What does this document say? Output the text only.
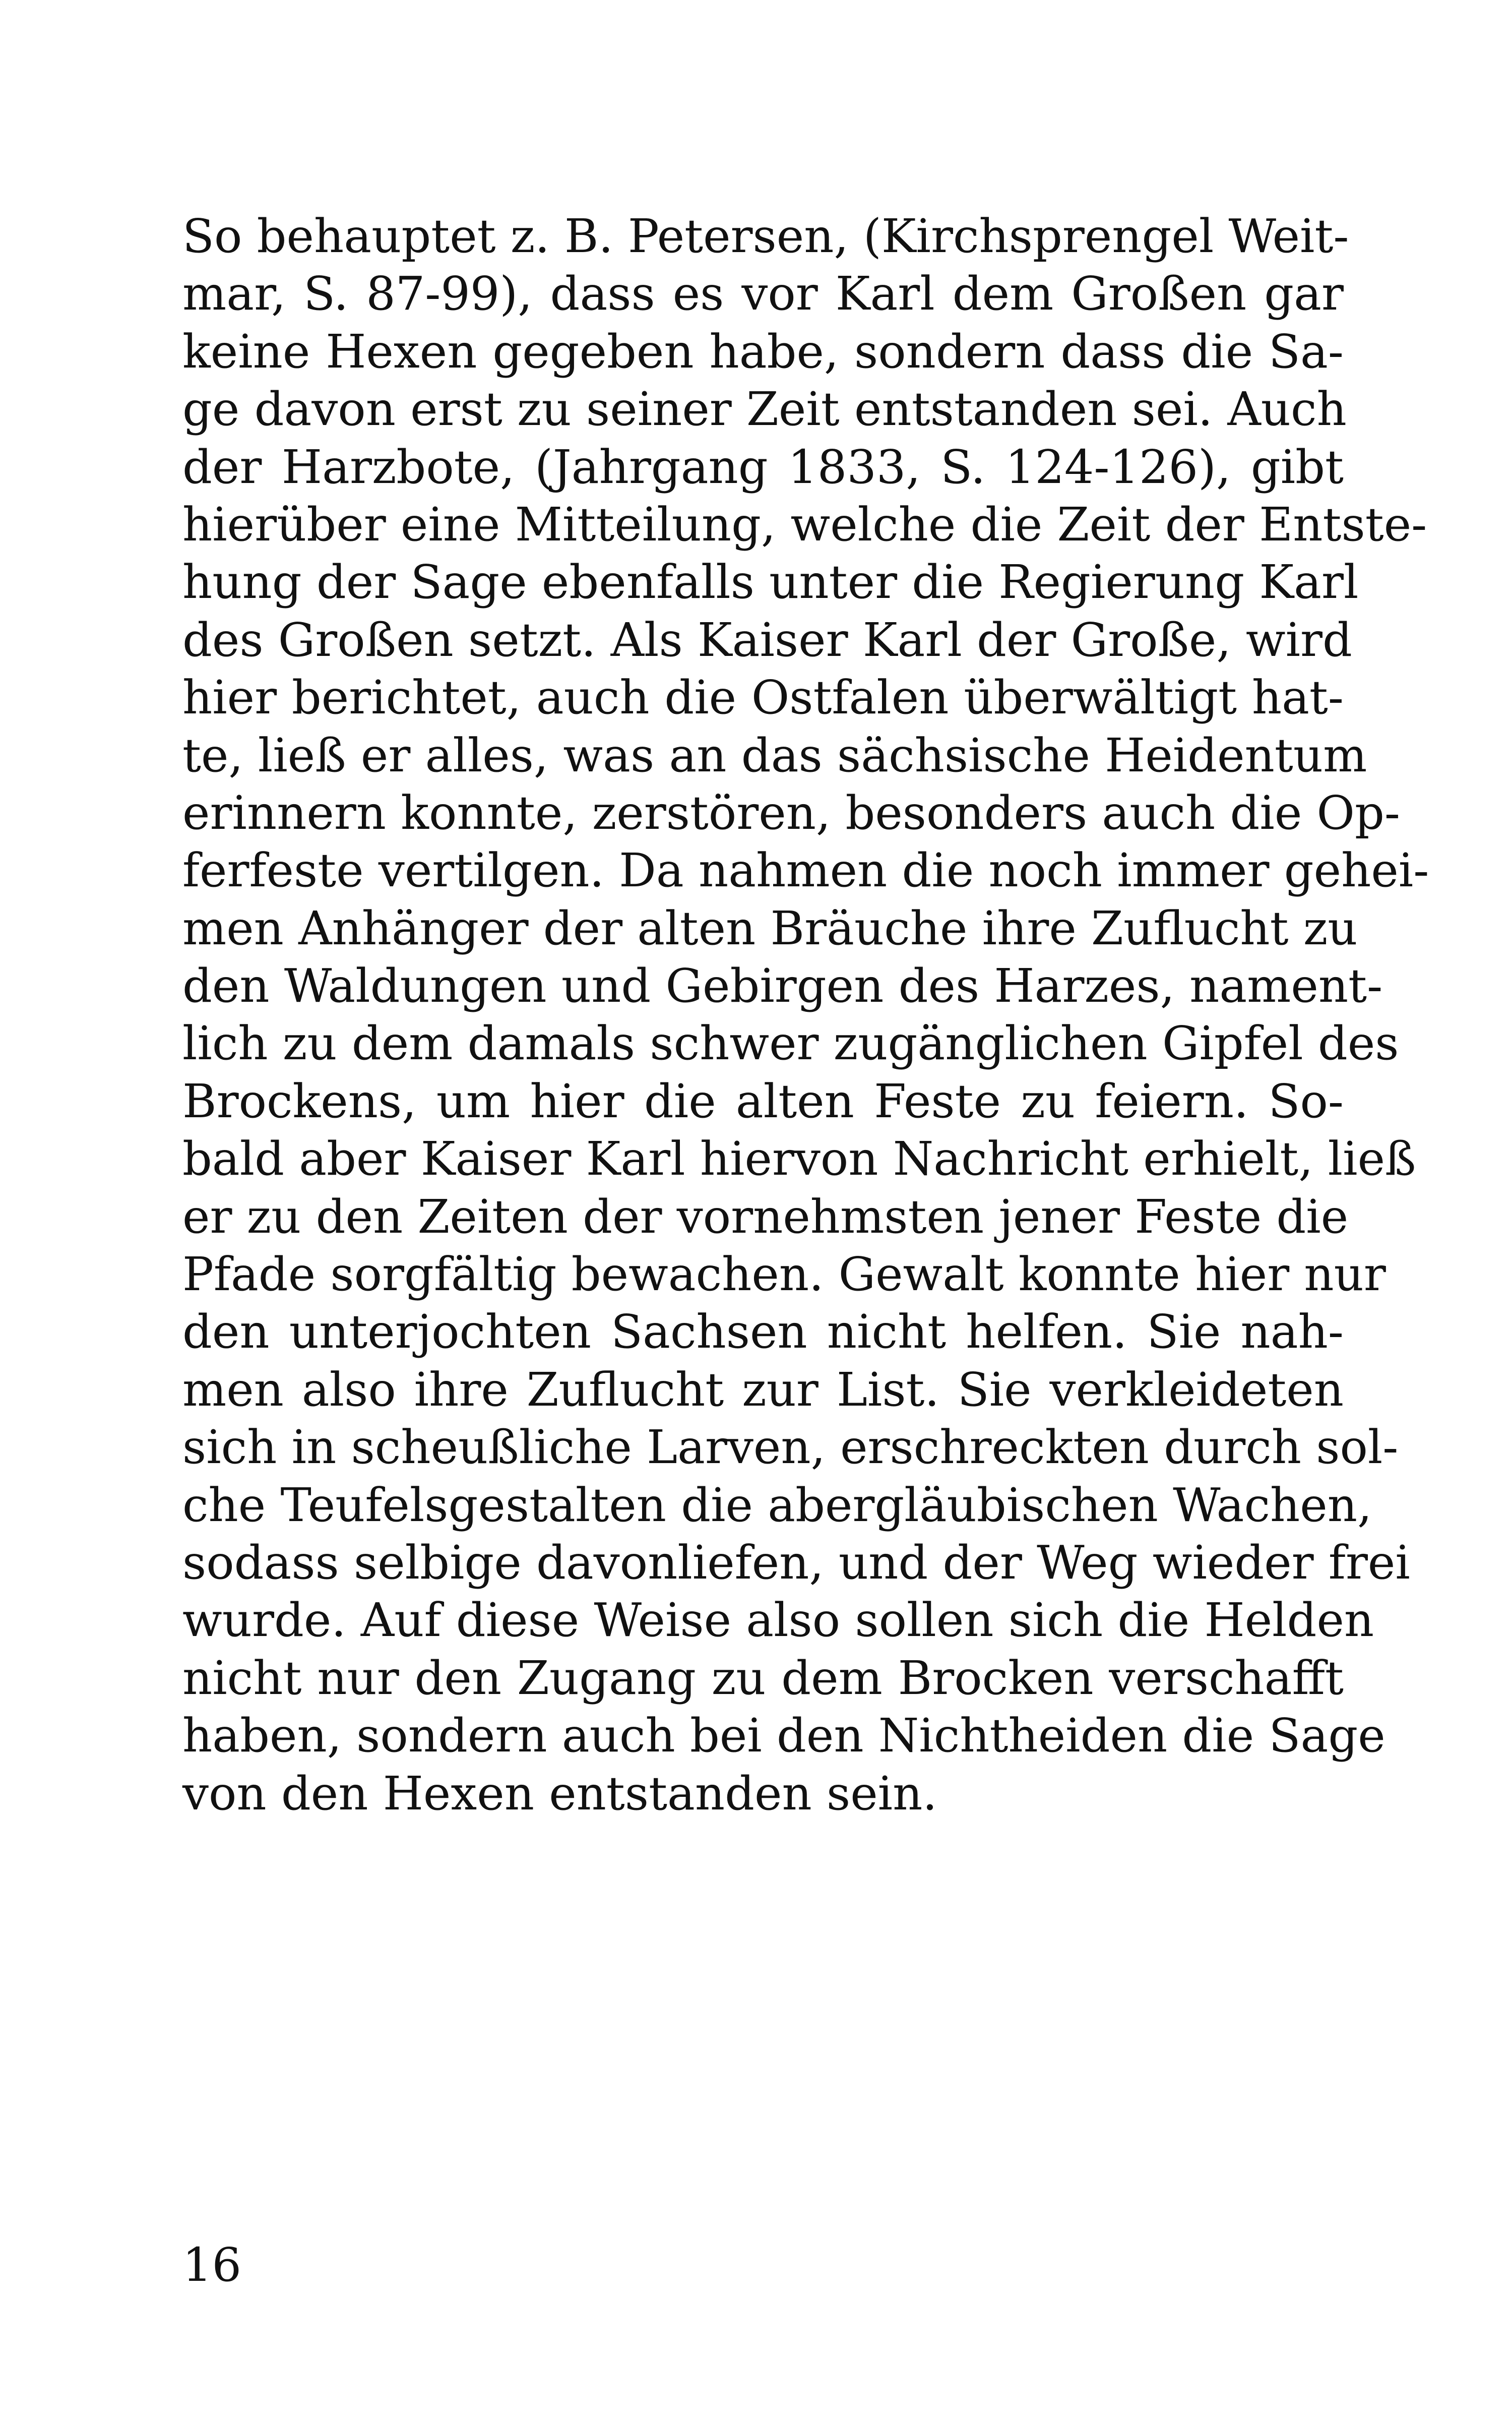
So behauptet z. B. Petersen, (Kirchsprengel Weit-
mar, S. 87-99), dass es vor Karl dem Großen gar
keine Hexen gegeben habe, sondern dass die Sa-
ge davon erst zu seiner Zeit entstanden sei. Auch
der Harzbote, (Jahrgang 1833, S. 124-126), gibt
hierüber eine Mitteilung, welche die Zeit der Entste-
hung der Sage ebenfalls unter die Regierung Karl
des Großen setzt. Als Kaiser Karl der Große, wird
hier berichtet, auch die Ostfalen überwältigt hat-
te, ließ er alles, was an das sächsische Heidentum
erinnern konnte, zerstören, besonders auch die Op-
ferfeste vertilgen. Da nahmen die noch immer gehei-
men Anhänger der alten Bräuche ihre Zuflucht zu
den Waldungen und Gebirgen des Harzes, nament-
lich zu dem damals schwer zugänglichen Gipfel des
Brockens, um hier die alten Feste zu feiern. So-
bald aber Kaiser Karl hiervon Nachricht erhielt, ließ
er zu den Zeiten der vornehmsten jener Feste die
Pfade sorgfältig bewachen. Gewalt konnte hier nur
den unterjochten Sachsen nicht helfen. Sie nah-
men also ihre Zuflucht zur List. Sie verkleideten
sich in scheußliche Larven, erschreckten durch sol-
che Teufelsgestalten die abergläubischen Wachen,
sodass selbige davonliefen, und der Weg wieder frei
wurde. Auf diese Weise also sollen sich die Helden
nicht nur den Zugang zu dem Brocken verschafft
haben, sondern auch bei den Nichtheiden die Sage
von den Hexen entstanden sein.
16
